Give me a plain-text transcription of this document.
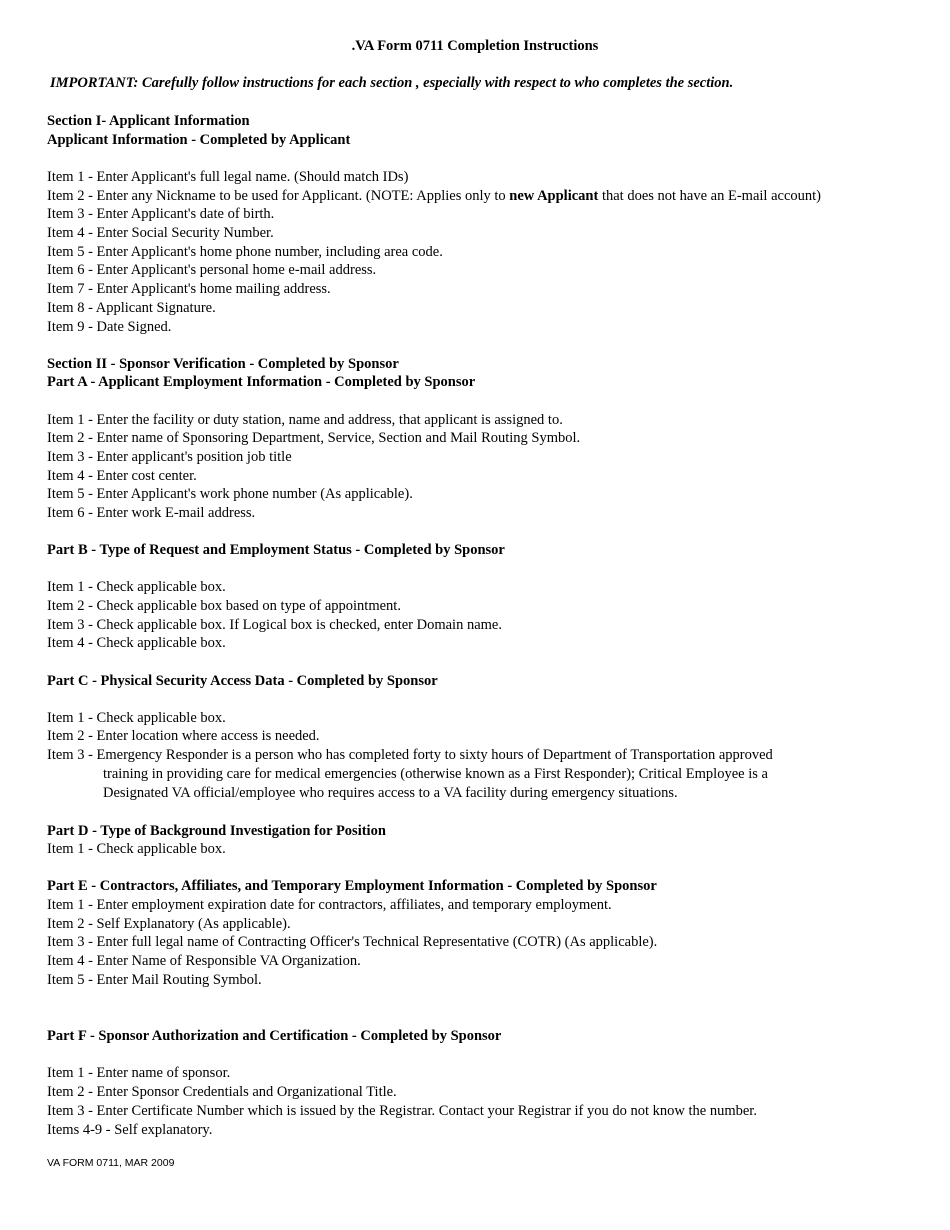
.VA Form 0711 Completion Instructions
IMPORTANT: Carefully follow instructions for each section , especially with respect to who completes the section.
Section I- Applicant Information
Applicant Information - Completed by Applicant
Item 1 - Enter Applicant's full legal name. (Should match IDs)
Item 2 - Enter any Nickname to be used for Applicant. (NOTE: Applies only to new Applicant that does not have an E-mail account)
Item 3 - Enter Applicant's date of birth.
Item 4 - Enter Social Security Number.
Item 5 - Enter Applicant's home phone number, including area code.
Item 6 - Enter Applicant's personal home e-mail address.
Item 7 - Enter Applicant's home mailing address.
Item 8 - Applicant Signature.
Item 9 - Date Signed.
Section II - Sponsor Verification - Completed by Sponsor
Part A - Applicant Employment Information - Completed by Sponsor
Item 1 - Enter the facility or duty station, name and address, that applicant is assigned to.
Item 2 - Enter name of Sponsoring Department, Service, Section and Mail Routing Symbol.
Item 3 - Enter applicant's position job title
Item 4 - Enter cost center.
Item 5 - Enter Applicant's work phone number (As applicable).
Item 6 - Enter work E-mail address.
Part B - Type of Request and Employment Status - Completed by Sponsor
Item 1 - Check applicable box.
Item 2 - Check applicable box based on type of appointment.
Item 3 - Check applicable box. If Logical box is checked, enter Domain name.
Item 4 - Check applicable box.
Part C - Physical Security Access Data - Completed by Sponsor
Item 1 - Check applicable box.
Item 2 - Enter location where access is needed.
Item 3 - Emergency Responder is a person who has completed forty to sixty hours of Department of Transportation approved
training in providing care for medical emergencies (otherwise known as a First Responder); Critical Employee is a
Designated VA official/employee who requires access to a VA facility during emergency situations.
Part D - Type of Background Investigation for Position
Item 1 - Check applicable box.
Part E - Contractors, Affiliates, and Temporary Employment Information - Completed by Sponsor
Item 1 - Enter employment expiration date for contractors, affiliates, and temporary employment.
Item 2 - Self Explanatory (As applicable).
Item 3 - Enter full legal name of Contracting Officer's Technical Representative (COTR) (As applicable).
Item 4 - Enter Name of Responsible VA Organization.
Item 5 - Enter Mail Routing Symbol.
Part F - Sponsor Authorization and Certification - Completed by Sponsor
Item 1 - Enter name of sponsor.
Item 2 - Enter Sponsor Credentials and Organizational Title.
Item 3 - Enter Certificate Number which is issued by the Registrar. Contact your Registrar if you do not know the number.
Items 4-9 - Self explanatory.
VA FORM 0711, MAR 2009
